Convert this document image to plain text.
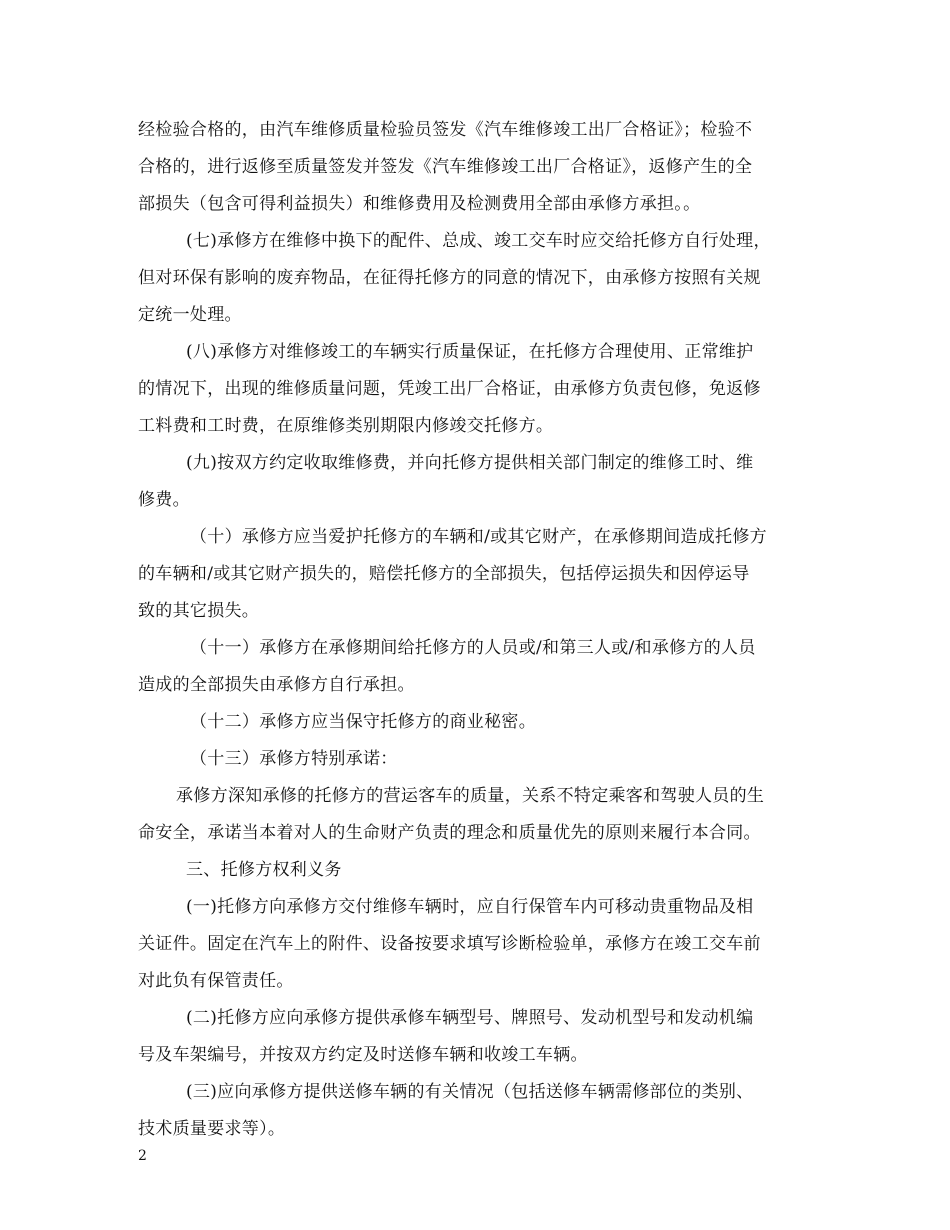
经检验合格的，由汽车维修质量检验员签发《汽车维修竣工出厂合格证》；检验不
合格的，进行返修至质量签发并签发《汽车维修竣工出厂合格证》，返修产生的全
部损失（包含可得利益损失）和维修费用及检测费用全部由承修方承担。。
(七)承修方在维修中换下的配件、总成、竣工交车时应交给托修方自行处理，
但对环保有影响的废弃物品，在征得托修方的同意的情况下，由承修方按照有关规
定统一处理。
(八)承修方对维修竣工的车辆实行质量保证，在托修方合理使用、正常维护
的情况下，出现的维修质量问题，凭竣工出厂合格证，由承修方负责包修，免返修
工料费和工时费，在原维修类别期限内修竣交托修方。
(九)按双方约定收取维修费，并向托修方提供相关部门制定的维修工时、维
修费。
（十）承修方应当爱护托修方的车辆和/或其它财产，在承修期间造成托修方
的车辆和/或其它财产损失的，赔偿托修方的全部损失，包括停运损失和因停运导
致的其它损失。
（十一）承修方在承修期间给托修方的人员或/和第三人或/和承修方的人员
造成的全部损失由承修方自行承担。
（十二）承修方应当保守托修方的商业秘密。
（十三）承修方特别承诺：
承修方深知承修的托修方的营运客车的质量，关系不特定乘客和驾驶人员的生
命安全，承诺当本着对人的生命财产负责的理念和质量优先的原则来履行本合同。
三、托修方权利义务
(一)托修方向承修方交付维修车辆时，应自行保管车内可移动贵重物品及相
关证件。固定在汽车上的附件、设备按要求填写诊断检验单，承修方在竣工交车前
对此负有保管责任。
(二)托修方应向承修方提供承修车辆型号、牌照号、发动机型号和发动机编
号及车架编号，并按双方约定及时送修车辆和收竣工车辆。
(三)应向承修方提供送修车辆的有关情况（包括送修车辆需修部位的类别、
技术质量要求等）。
2
